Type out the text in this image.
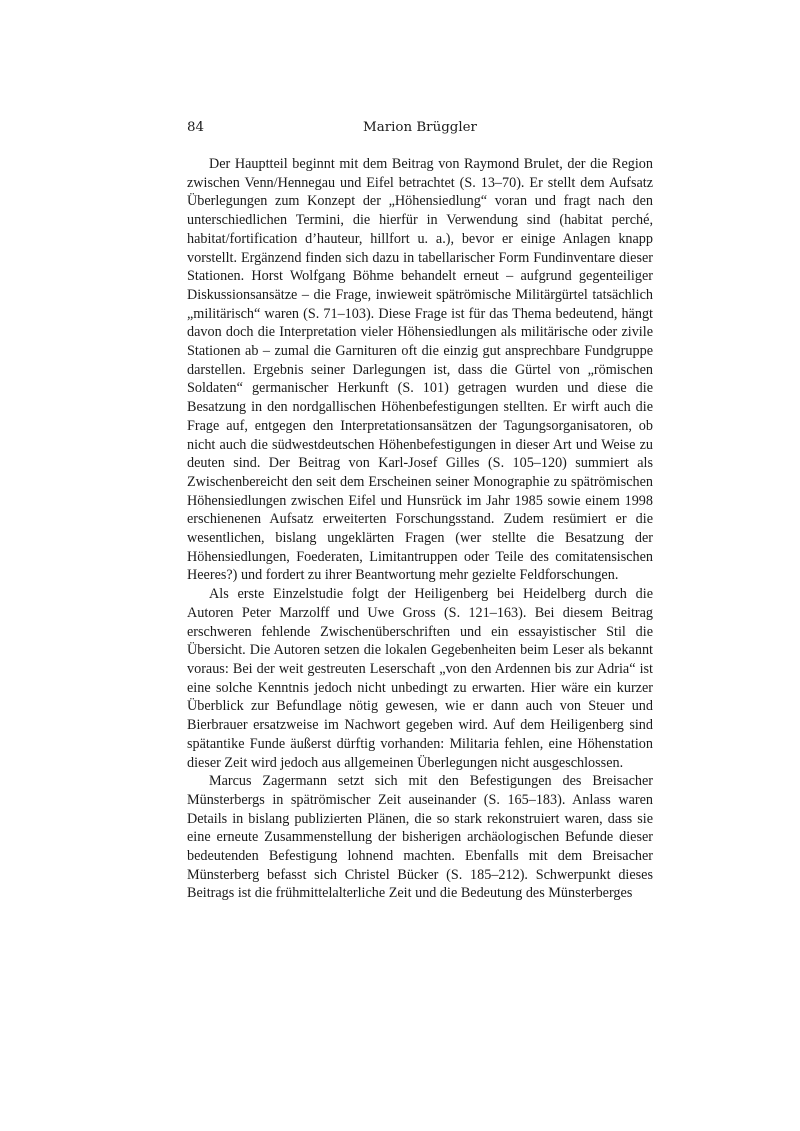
84	Marion Brüggler

Der Hauptteil beginnt mit dem Beitrag von Raymond Brulet, der die Region zwischen Venn/Hennegau und Eifel betrachtet (S. 13–70). Er stellt dem Aufsatz Überlegungen zum Konzept der „Höhensiedlung“ voran und fragt nach den unterschiedlichen Termini, die hierfür in Verwendung sind (habitat perché, habitat/fortification d’hauteur, hillfort u. a.), bevor er einige Anlagen knapp vorstellt. Ergänzend finden sich dazu in tabellarischer Form Fundinventare dieser Stationen. Horst Wolfgang Böhme behandelt erneut – aufgrund gegenteiliger Diskussionsansätze – die Frage, inwieweit spätrömische Militärgürtel tatsächlich „militärisch“ waren (S. 71–103). Diese Frage ist für das Thema bedeutend, hängt davon doch die Interpretation vieler Höhensiedlungen als militärische oder zivile Stationen ab – zumal die Garnituren oft die einzig gut ansprechbare Fundgruppe darstellen. Ergebnis seiner Darlegungen ist, dass die Gürtel von „römischen Soldaten“ germanischer Herkunft (S. 101) getragen wurden und diese die Besatzung in den nordgallischen Höhenbefestigungen stellten. Er wirft auch die Frage auf, entgegen den Interpretationsansätzen der Tagungsorganisatoren, ob nicht auch die südwestdeutschen Höhenbefestigungen in dieser Art und Weise zu deuten sind. Der Beitrag von Karl-Josef Gilles (S. 105–120) summiert als Zwischenbereicht den seit dem Erscheinen seiner Monographie zu spätrömischen Höhensiedlungen zwischen Eifel und Hunsrück im Jahr 1985 sowie einem 1998 erschienenen Aufsatz erweiterten Forschungsstand. Zudem resümiert er die wesentlichen, bislang ungeklärten Fragen (wer stellte die Besatzung der Höhensiedlungen, Foederaten, Limitantruppen oder Teile des comitatensischen Heeres?) und fordert zu ihrer Beantwortung mehr gezielte Feldforschungen.

Als erste Einzelstudie folgt der Heiligenberg bei Heidelberg durch die Autoren Peter Marzolff und Uwe Gross (S. 121–163). Bei diesem Beitrag erschweren fehlende Zwischenüberschriften und ein essayistischer Stil die Übersicht. Die Autoren setzen die lokalen Gegebenheiten beim Leser als bekannt voraus: Bei der weit gestreuten Leserschaft „von den Ardennen bis zur Adria“ ist eine solche Kenntnis jedoch nicht unbedingt zu erwarten. Hier wäre ein kurzer Überblick zur Befundlage nötig gewesen, wie er dann auch von Steuer und Bierbrauer ersatzweise im Nachwort gegeben wird. Auf dem Heiligenberg sind spätantike Funde äußerst dürftig vorhanden: Militaria fehlen, eine Höhenstation dieser Zeit wird jedoch aus allgemeinen Überlegungen nicht ausgeschlossen.

Marcus Zagermann setzt sich mit den Befestigungen des Breisacher Münsterbergs in spätrömischer Zeit auseinander (S. 165–183). Anlass waren Details in bislang publizierten Plänen, die so stark rekonstruiert waren, dass sie eine erneute Zusammenstellung der bisherigen archäologischen Befunde dieser bedeutenden Befestigung lohnend machten. Ebenfalls mit dem Breisacher Münsterberg befasst sich Christel Bücker (S. 185–212). Schwerpunkt dieses Beitrags ist die frühmittelalterliche Zeit und die Bedeutung des Münsterberges
